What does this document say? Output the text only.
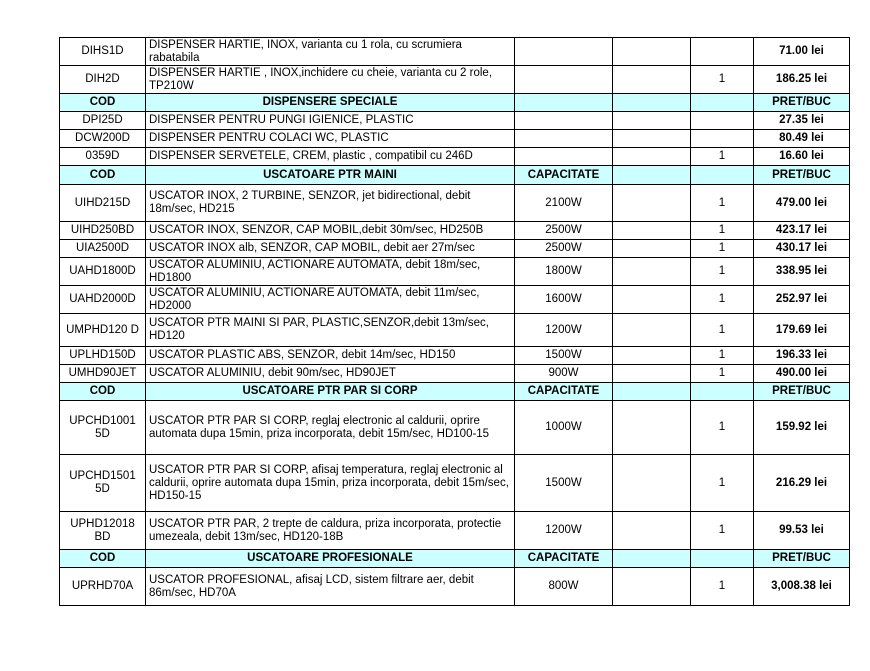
DIHS1D	DISPENSER HARTIE, INOX, varianta cu 1 rola, cu scrumiera rabatabila				71.00 lei
DIH2D	DISPENSER HARTIE , INOX,inchidere cu cheie, varianta cu 2 role, TP210W			1	186.25 lei
COD	DISPENSERE SPECIALE				PRET/BUC
DPI25D	DISPENSER PENTRU PUNGI IGIENICE, PLASTIC				27.35 lei
DCW200D	DISPENSER PENTRU COLACI WC, PLASTIC				80.49 lei
0359D	DISPENSER SERVETELE, CREM, plastic , compatibil cu 246D			1	16.60 lei
COD	USCATOARE PTR MAINI	CAPACITATE			PRET/BUC
UIHD215D	USCATOR INOX, 2 TURBINE, SENZOR, jet bidirectional, debit 18m/sec, HD215	2100W		1	479.00 lei
UIHD250BD	USCATOR INOX, SENZOR, CAP MOBIL,debit 30m/sec, HD250B	2500W		1	423.17 lei
UIA2500D	USCATOR INOX alb, SENZOR, CAP MOBIL, debit aer 27m/sec	2500W		1	430.17 lei
UAHD1800D	USCATOR ALUMINIU, ACTIONARE AUTOMATA, debit 18m/sec, HD1800	1800W		1	338.95 lei
UAHD2000D	USCATOR ALUMINIU, ACTIONARE AUTOMATA, debit 11m/sec, HD2000	1600W		1	252.97 lei
UMPHD120 D	USCATOR PTR MAINI SI PAR, PLASTIC,SENZOR,debit 13m/sec, HD120	1200W		1	179.69 lei
UPLHD150D	USCATOR PLASTIC ABS, SENZOR, debit 14m/sec, HD150	1500W		1	196.33 lei
UMHD90JET	USCATOR ALUMINIU, debit 90m/sec, HD90JET	900W		1	490.00 lei
COD	USCATOARE PTR PAR SI CORP	CAPACITATE			PRET/BUC
UPCHD1001 5D	USCATOR PTR PAR SI CORP, reglaj electronic al caldurii, oprire automata dupa 15min, priza incorporata, debit 15m/sec, HD100-15	1000W		1	159.92 lei
UPCHD1501 5D	USCATOR PTR PAR SI CORP, afisaj temperatura, reglaj electronic al caldurii, oprire automata dupa 15min, priza incorporata, debit 15m/sec, HD150-15	1500W		1	216.29 lei
UPHD12018 BD	USCATOR PTR PAR, 2 trepte de caldura, priza incorporata, protectie umezeala, debit 13m/sec, HD120-18B	1200W		1	99.53 lei
COD	USCATOARE PROFESIONALE	CAPACITATE			PRET/BUC
UPRHD70A	USCATOR PROFESIONAL, afisaj LCD, sistem filtrare aer, debit 86m/sec, HD70A	800W		1	3,008.38 lei
